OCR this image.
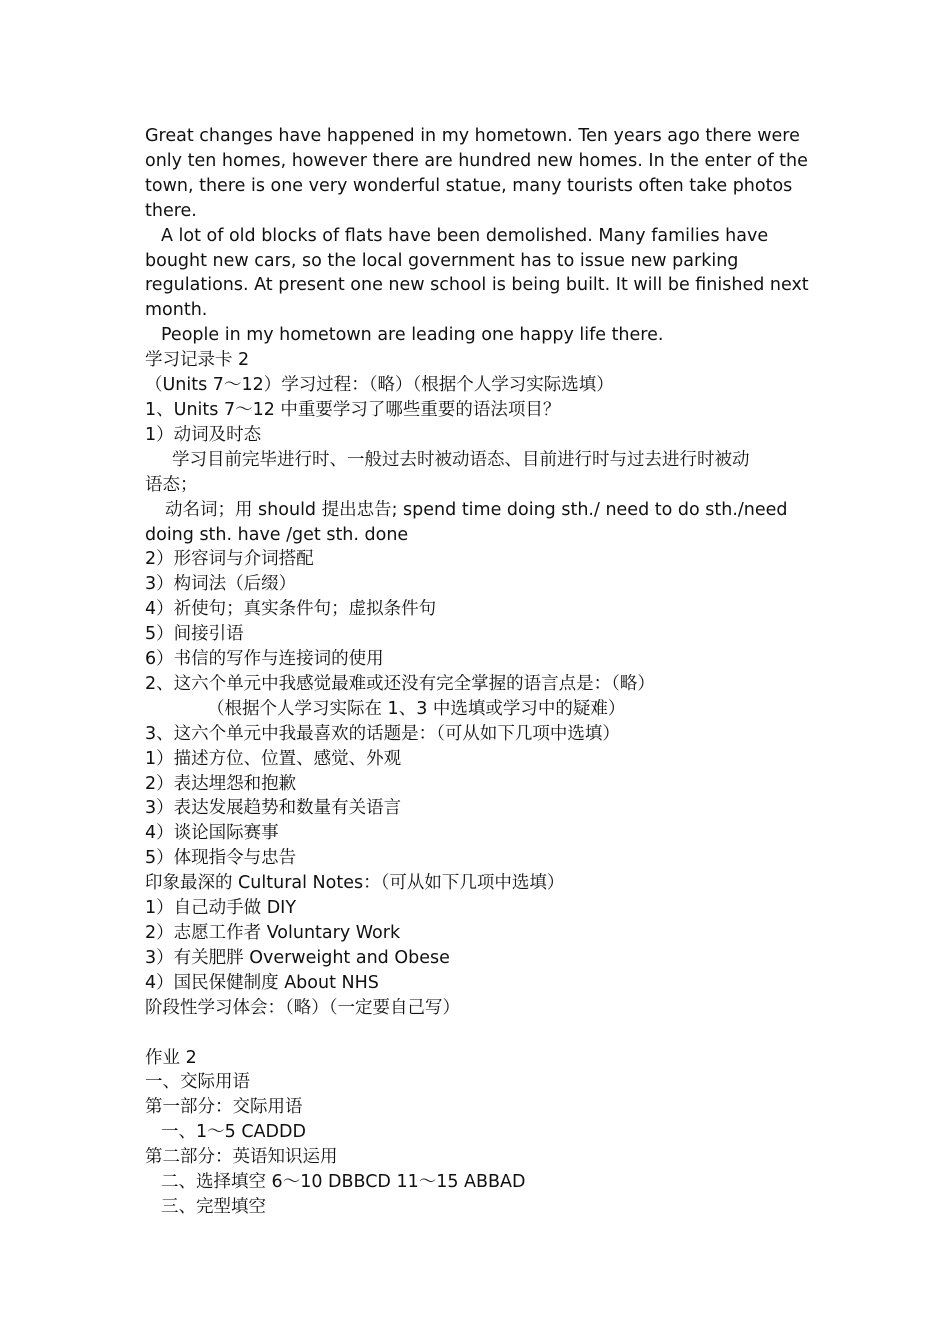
Great changes have happened in my hometown. Ten years ago there were
only ten homes, however there are hundred new homes. In the enter of the
town, there is one very wonderful statue, many tourists often take photos
there.
A lot of old blocks of flats have been demolished. Many families have
bought new cars, so the local government has to issue new parking
regulations. At present one new school is being built. It will be finished next
month.
People in my hometown are leading one happy life there.
学习记录卡 2
（Units 7～12）学习过程：（略）（根据个人学习实际选填）
1、Units 7～12 中重要学习了哪些重要的语法项目？
1）动词及时态
学习目前完毕进行时、一般过去时被动语态、目前进行时与过去进行时被动
语态；
动名词；用 should 提出忠告; spend time doing sth./ need to do sth./need
doing sth. have /get sth. done
2）形容词与介词搭配
3）构词法（后缀）
4）祈使句；真实条件句；虚拟条件句
5）间接引语
6）书信的写作与连接词的使用
2、这六个单元中我感觉最难或还没有完全掌握的语言点是：（略）
（根据个人学习实际在 1、3 中选填或学习中的疑难）
3、这六个单元中我最喜欢的话题是：（可从如下几项中选填）
1）描述方位、位置、感觉、外观
2）表达埋怨和抱歉
3）表达发展趋势和数量有关语言
4）谈论国际赛事
5）体现指令与忠告
印象最深的 Cultural Notes：（可从如下几项中选填）
1）自己动手做 DIY
2）志愿工作者 Voluntary Work
3）有关肥胖 Overweight and Obese
4）国民保健制度 About NHS
阶段性学习体会：（略）（一定要自己写）
作业 2
一、交际用语
第一部分：交际用语
一、1～5 CADDD
第二部分：英语知识运用
二、选择填空 6～10 DBBCD 11～15 ABBAD
三、完型填空
